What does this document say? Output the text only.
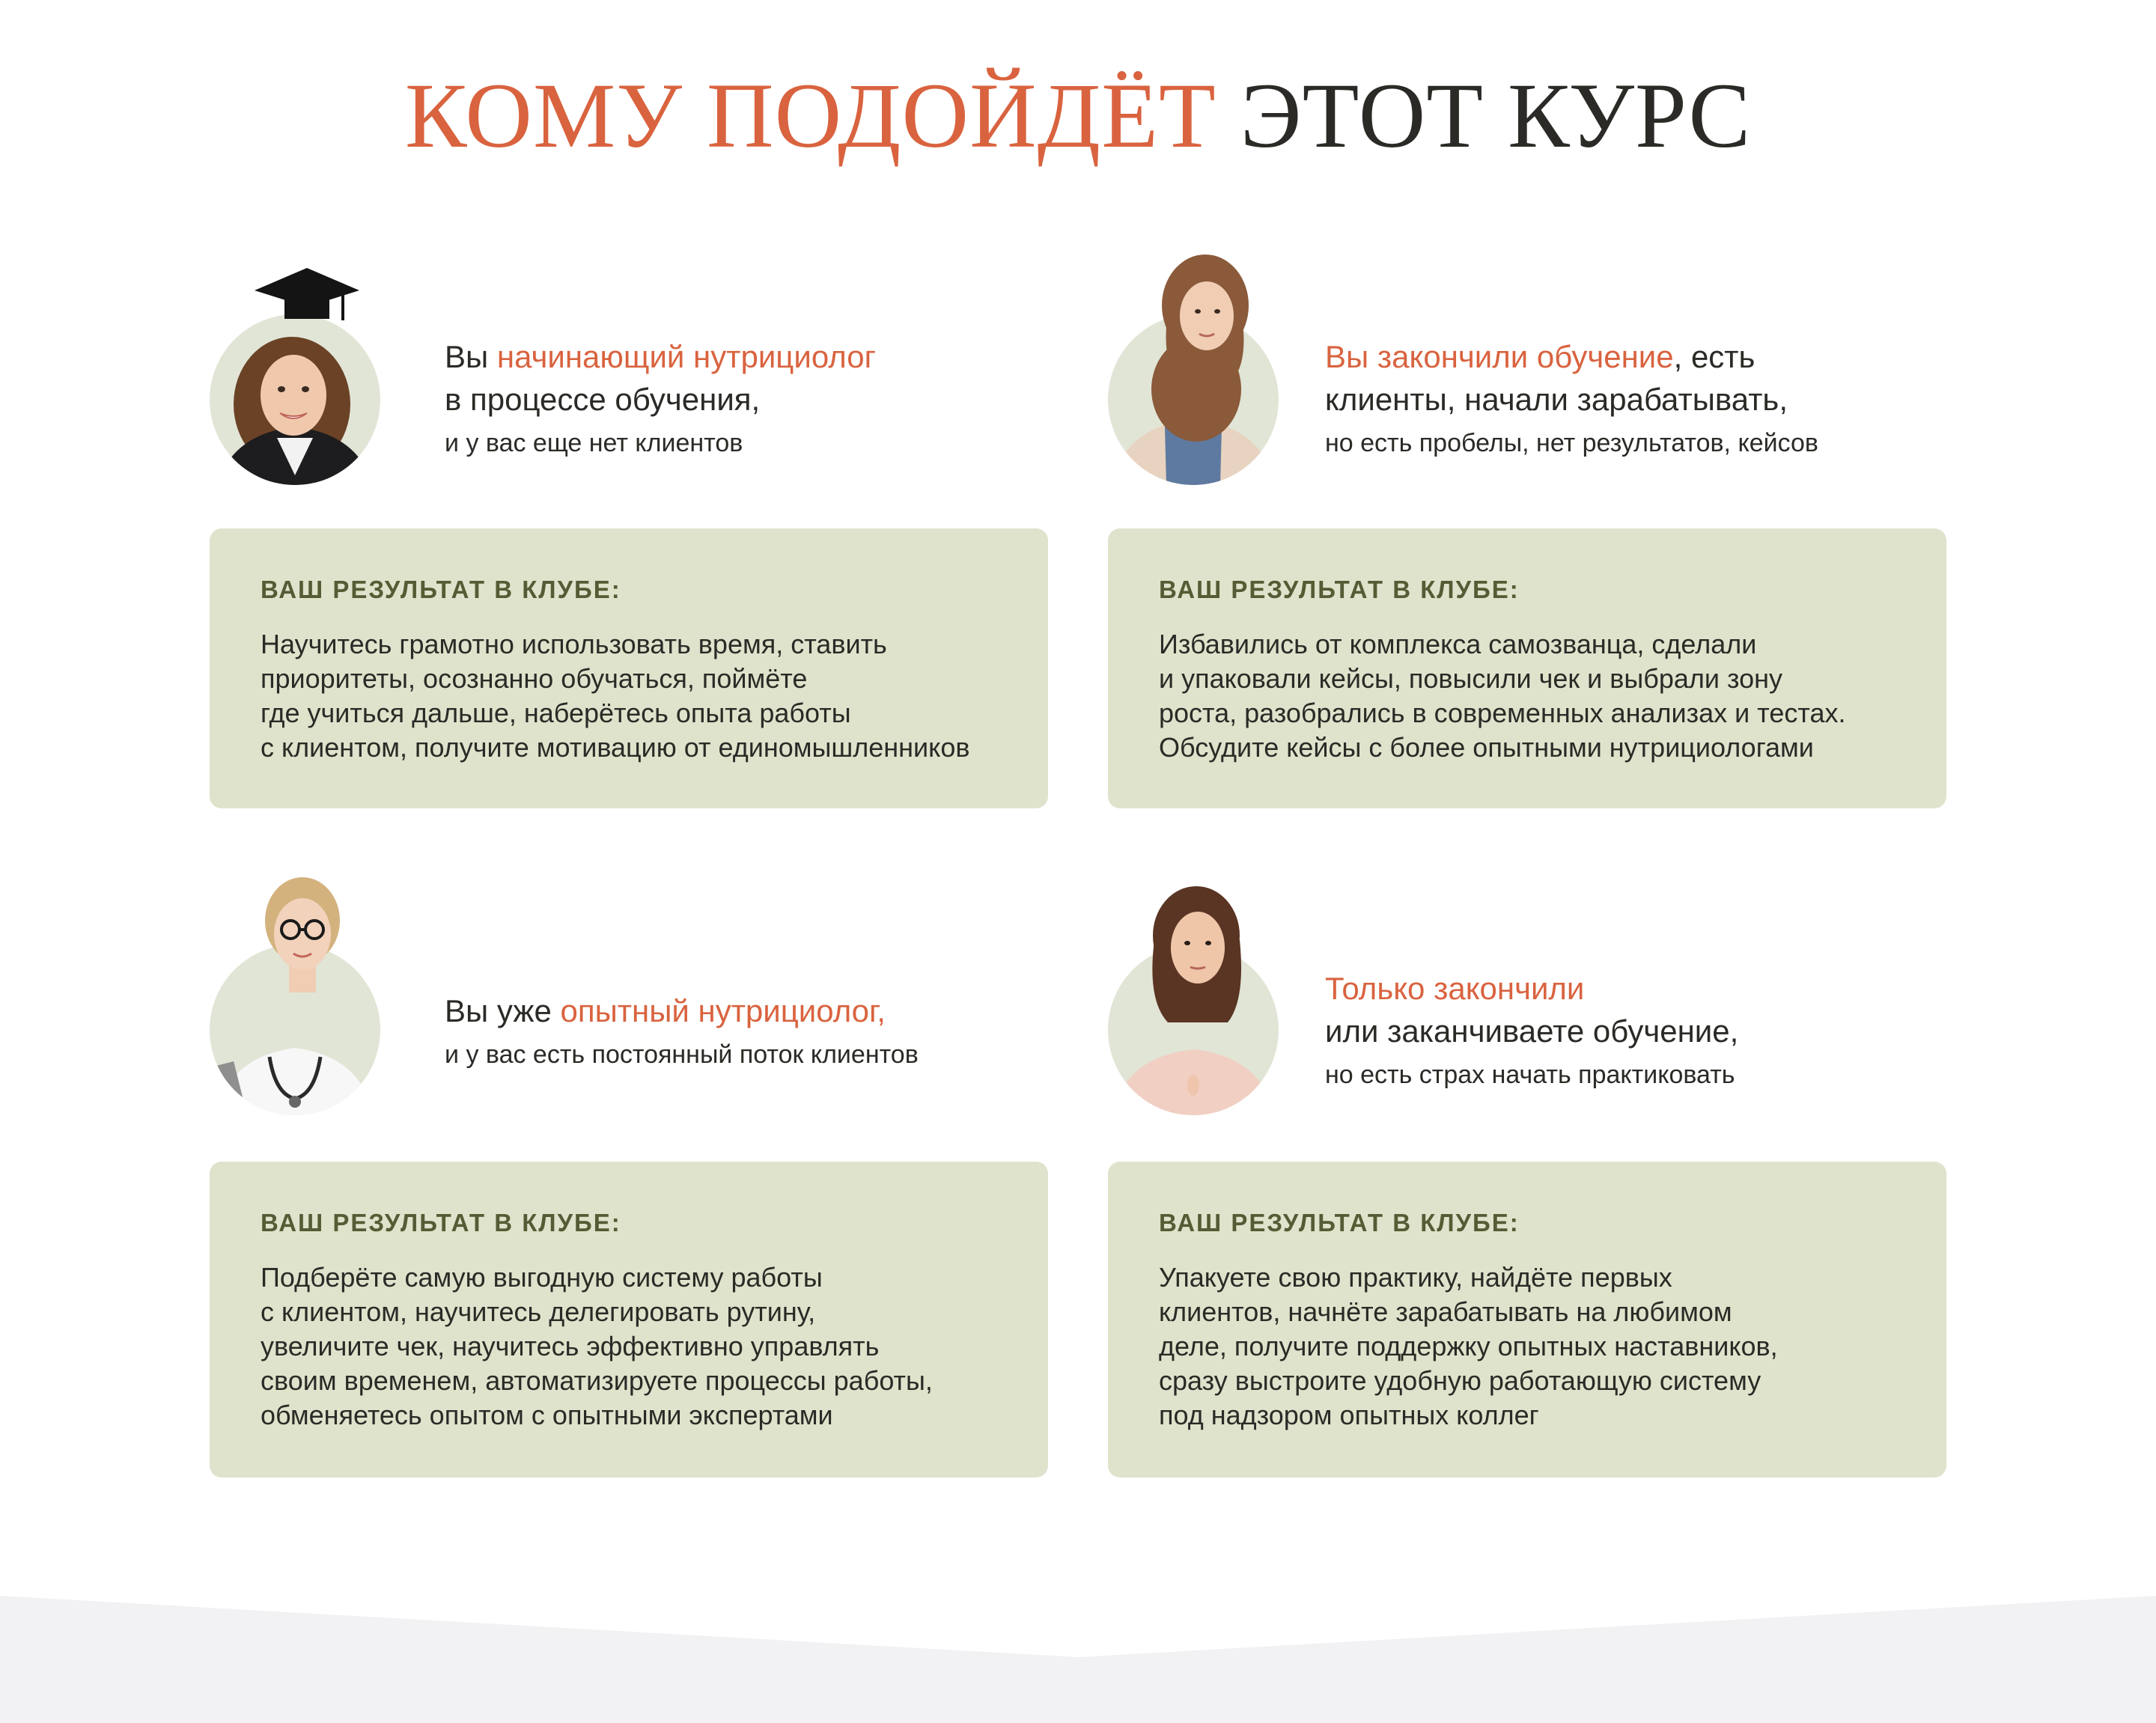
КОМУ ПОДОЙДЁТ ЭТОТ КУРС
Вы начинающий нутрициолог
в процессе обучения,
и у вас еще нет клиентов
ВАШ РЕЗУЛЬТАТ В КЛУБЕ:
Научитесь грамотно использовать время, ставить
приоритеты, осознанно обучаться, поймёте
где учиться дальше, наберётесь опыта работы
с клиентом, получите мотивацию от единомышленников
Вы закончили обучение, есть
клиенты, начали зарабатывать,
но есть пробелы, нет результатов, кейсов
ВАШ РЕЗУЛЬТАТ В КЛУБЕ:
Избавились от комплекса самозванца, сделали
и упаковали кейсы, повысили чек и выбрали зону
роста, разобрались в современных анализах и тестах.
Обсудите кейсы с более опытными нутрициологами
Вы уже опытный нутрициолог,
и у вас есть постоянный поток клиентов
ВАШ РЕЗУЛЬТАТ В КЛУБЕ:
Подберёте самую выгодную систему работы
с клиентом, научитесь делегировать рутину,
увеличите чек, научитесь эффективно управлять
своим временем, автоматизируете процессы работы,
обменяетесь опытом с опытными экспертами
Только закончили
или заканчиваете обучение,
но есть страх начать практиковать
ВАШ РЕЗУЛЬТАТ В КЛУБЕ:
Упакуете свою практику, найдёте первых
клиентов, начнёте зарабатывать на любимом
деле, получите поддержку опытных наставников,
сразу выстроите удобную работающую систему
под надзором опытных коллег
